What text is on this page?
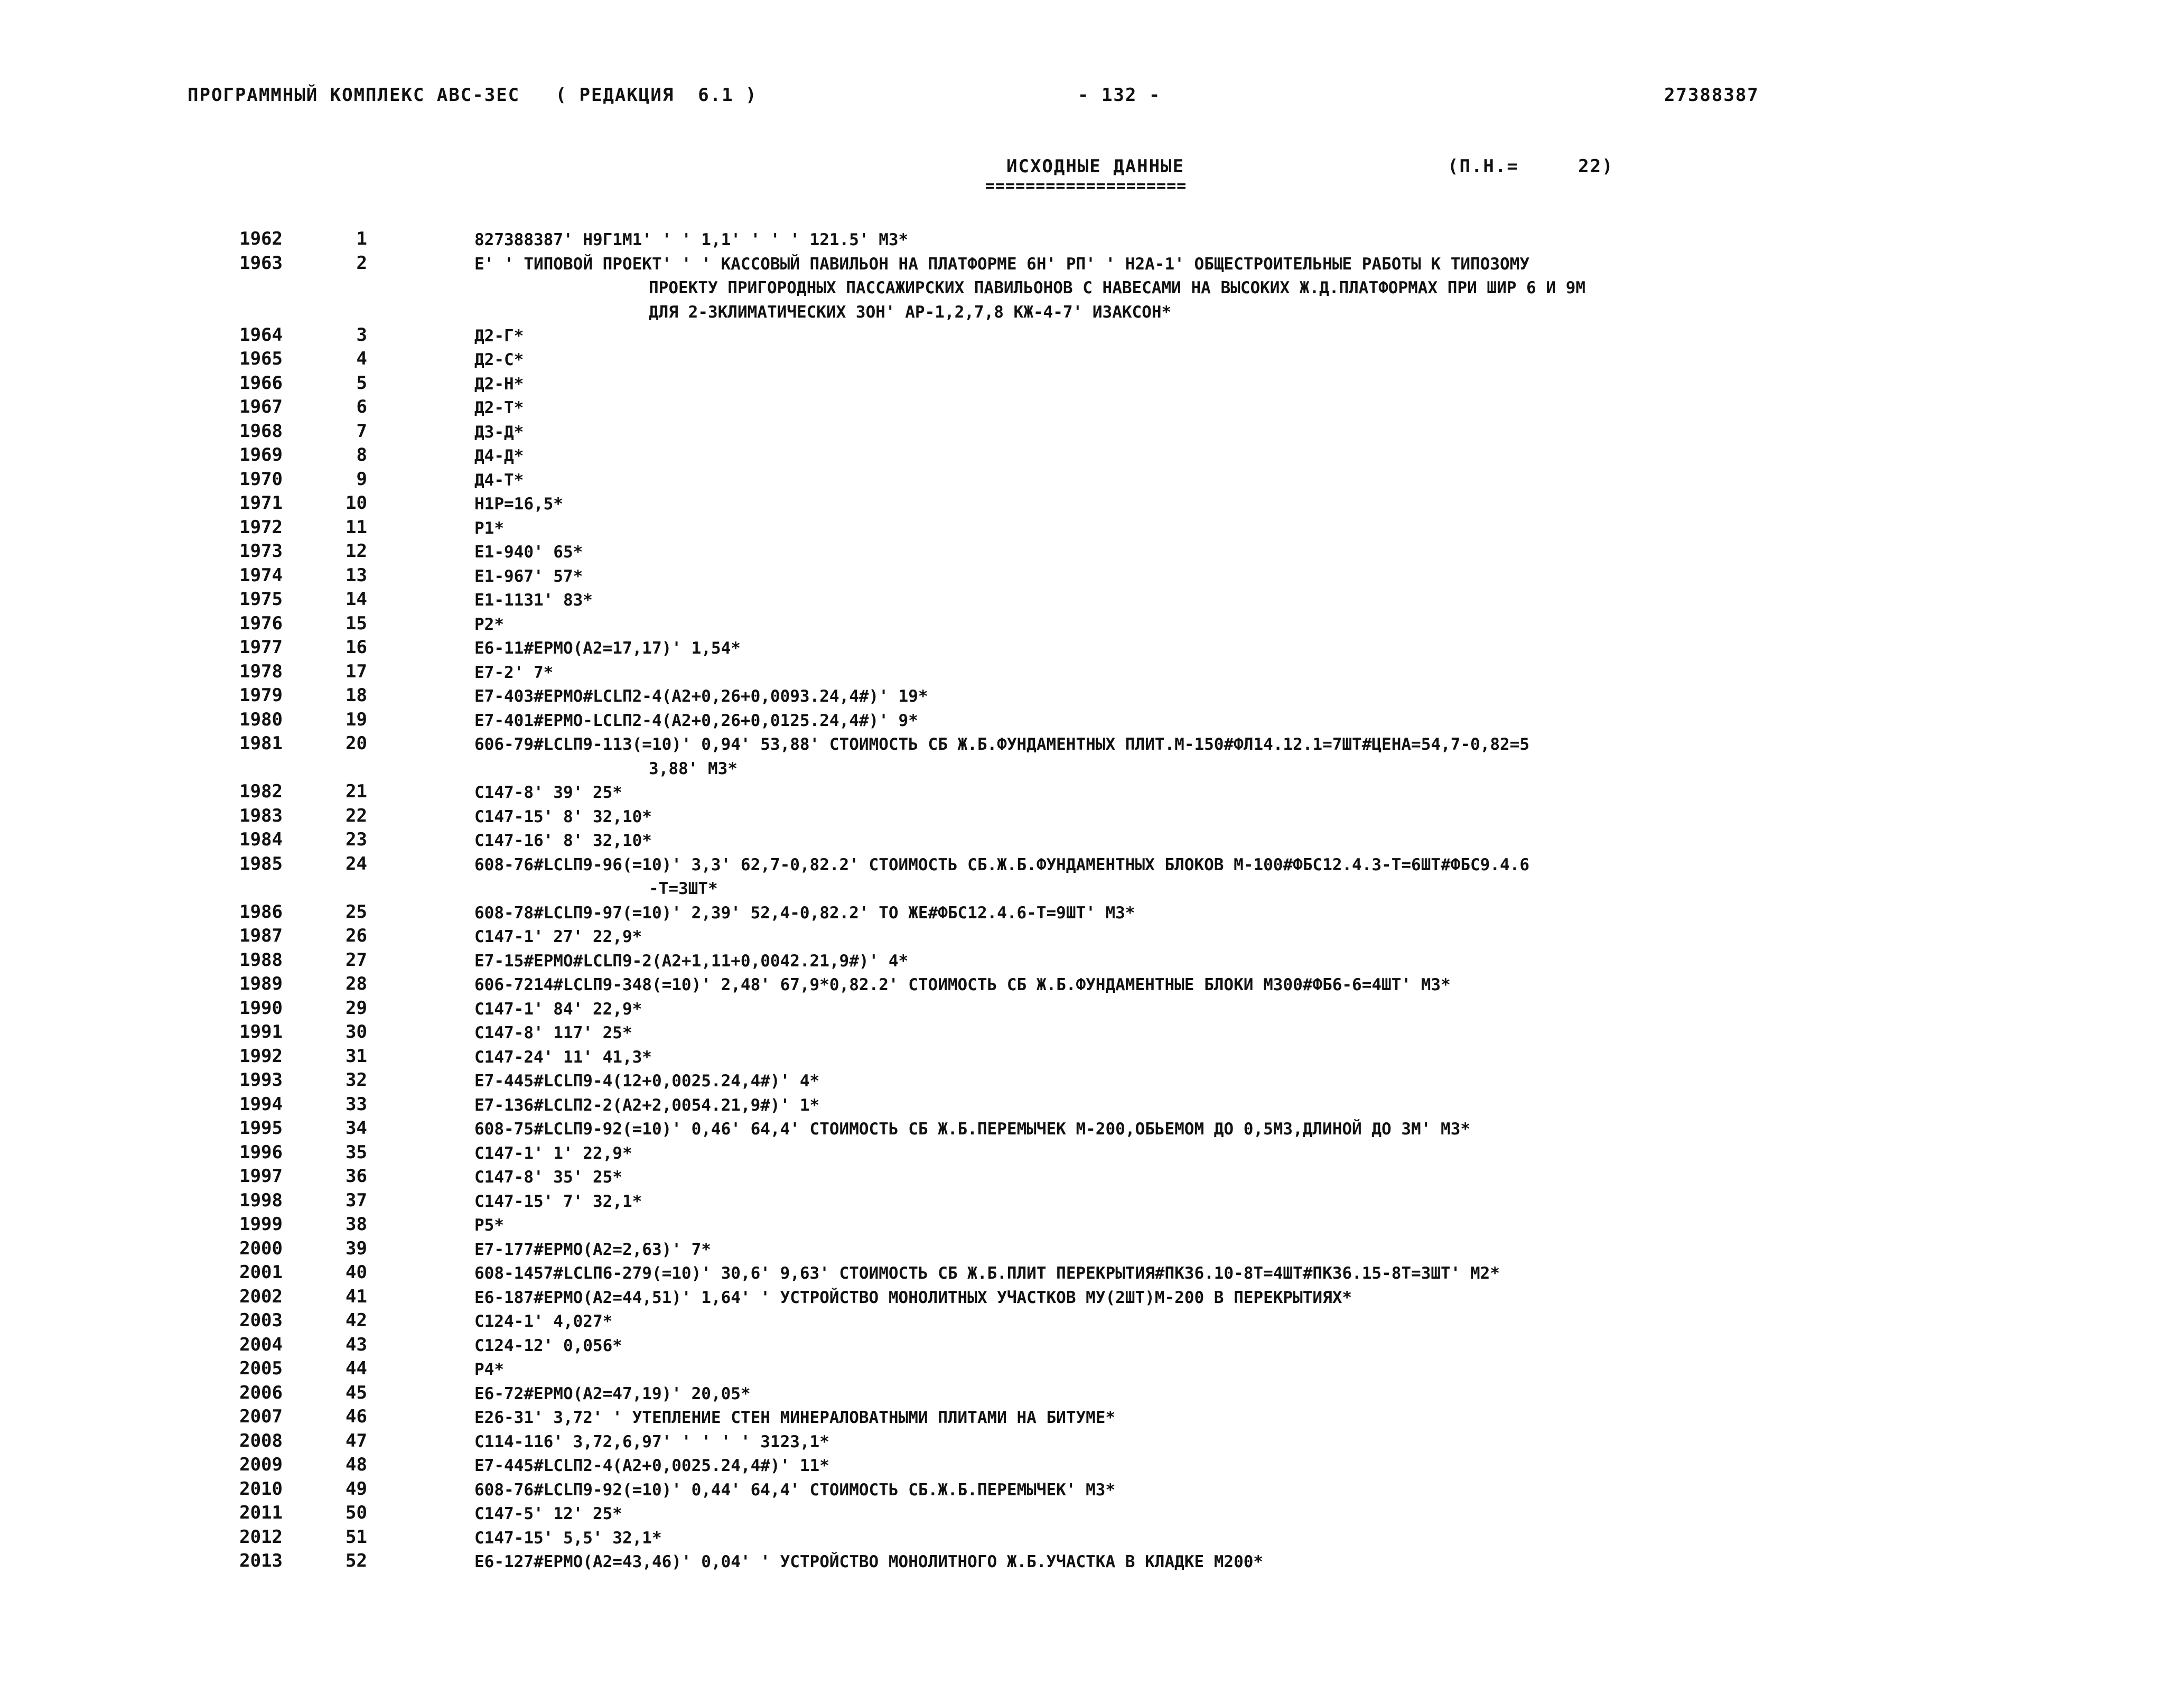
ПРОГРАММНЫЙ КОМПЛЕКС АВС-3ЕС   ( РЕДАКЦИЯ  6.1 )	- 132 -	27388387
ИСХОДНЫЕ ДАННЫЕ	(П.Н.=     22)
====================
1962	1	827388387' Н9Г1М1' ' ' 1,1' ' ' ' 121.5' М3*
1963	2	Е' ' ТИПОВОЙ ПРОЕКТ' ' ' КАССОВЫЙ ПАВИЛЬОН НА ПЛАТФОРМЕ 6Н' РП' ' Н2А-1' ОБЩЕСТРОИТЕЛЬНЫЕ РАБОТЫ К ТИПОЗОМУ
ПРОЕКТУ ПРИГОРОДНЫХ ПАССАЖИРСКИХ ПАВИЛЬОНОВ С НАВЕСАМИ НА ВЫСОКИХ Ж.Д.ПЛАТФОРМАХ ПРИ ШИР 6 И 9М
ДЛЯ 2-3КЛИМАТИЧЕСКИХ ЗОН' АР-1,2,7,8 КЖ-4-7' ИЗАКСОН*
1964	3	Д2-Г*
1965	4	Д2-С*
1966	5	Д2-Н*
1967	6	Д2-Т*
1968	7	Д3-Д*
1969	8	Д4-Д*
1970	9	Д4-Т*
1971	10	Н1Р=16,5*
1972	11	Р1*
1973	12	Е1-940' 65*
1974	13	Е1-967' 57*
1975	14	Е1-1131' 83*
1976	15	Р2*
1977	16	Е6-11#ЕРМО(А2=17,17)' 1,54*
1978	17	Е7-2' 7*
1979	18	Е7-403#ЕРМО#LCLП2-4(А2+0,26+0,0093.24,4#)' 19*
1980	19	Е7-401#ЕРМО-LCLП2-4(А2+0,26+0,0125.24,4#)' 9*
1981	20	606-79#LCLП9-113(=10)' 0,94' 53,88' СТОИМОСТЬ СБ Ж.Б.ФУНДАМЕНТНЫХ ПЛИТ.М-150#ФЛ14.12.1=7ШТ#ЦЕНА=54,7-0,82=5
3,88' М3*
1982	21	С147-8' 39' 25*
1983	22	С147-15' 8' 32,10*
1984	23	С147-16' 8' 32,10*
1985	24	608-76#LCLП9-96(=10)' 3,3' 62,7-0,82.2' СТОИМОСТЬ СБ.Ж.Б.ФУНДАМЕНТНЫХ БЛОКОВ М-100#ФБС12.4.3-Т=6ШТ#ФБС9.4.6
-Т=3ШТ*
1986	25	608-78#LCLП9-97(=10)' 2,39' 52,4-0,82.2' ТО ЖЕ#ФБС12.4.6-Т=9ШТ' М3*
1987	26	С147-1' 27' 22,9*
1988	27	Е7-15#ЕРМО#LCLП9-2(А2+1,11+0,0042.21,9#)' 4*
1989	28	606-7214#LCLП9-348(=10)' 2,48' 67,9*0,82.2' СТОИМОСТЬ СБ Ж.Б.ФУНДАМЕНТНЫЕ БЛОКИ М300#ФБ6-6=4ШТ' М3*
1990	29	С147-1' 84' 22,9*
1991	30	С147-8' 117' 25*
1992	31	С147-24' 11' 41,3*
1993	32	Е7-445#LCLП9-4(12+0,0025.24,4#)' 4*
1994	33	Е7-136#LCLП2-2(А2+2,0054.21,9#)' 1*
1995	34	608-75#LCLП9-92(=10)' 0,46' 64,4' СТОИМОСТЬ СБ Ж.Б.ПЕРЕМЫЧЕК М-200,ОБЬЕМОМ ДО 0,5М3,ДЛИНОЙ ДО 3М' М3*
1996	35	С147-1' 1' 22,9*
1997	36	С147-8' 35' 25*
1998	37	С147-15' 7' 32,1*
1999	38	Р5*
2000	39	Е7-177#ЕРМО(А2=2,63)' 7*
2001	40	608-1457#LCLП6-279(=10)' 30,6' 9,63' СТОИМОСТЬ СБ Ж.Б.ПЛИТ ПЕРЕКРЫТИЯ#ПК36.10-8Т=4ШТ#ПК36.15-8Т=3ШТ' М2*
2002	41	Е6-187#ЕРМО(А2=44,51)' 1,64' ' УСТРОЙСТВО МОНОЛИТНЫХ УЧАСТКОВ МУ(2ШТ)М-200 В ПЕРЕКРЫТИЯХ*
2003	42	С124-1' 4,027*
2004	43	С124-12' 0,056*
2005	44	Р4*
2006	45	Е6-72#ЕРМО(А2=47,19)' 20,05*
2007	46	Е26-31' 3,72' ' УТЕПЛЕНИЕ СТЕН МИНЕРАЛОВАТНЫМИ ПЛИТАМИ НА БИТУМЕ*
2008	47	С114-116' 3,72,6,97' ' ' ' ' 3123,1*
2009	48	Е7-445#LCLП2-4(А2+0,0025.24,4#)' 11*
2010	49	608-76#LCLП9-92(=10)' 0,44' 64,4' СТОИМОСТЬ СБ.Ж.Б.ПЕРЕМЫЧЕК' М3*
2011	50	С147-5' 12' 25*
2012	51	С147-15' 5,5' 32,1*
2013	52	Е6-127#ЕРМО(А2=43,46)' 0,04' ' УСТРОЙСТВО МОНОЛИТНОГО Ж.Б.УЧАСТКА В КЛАДКЕ М200*
